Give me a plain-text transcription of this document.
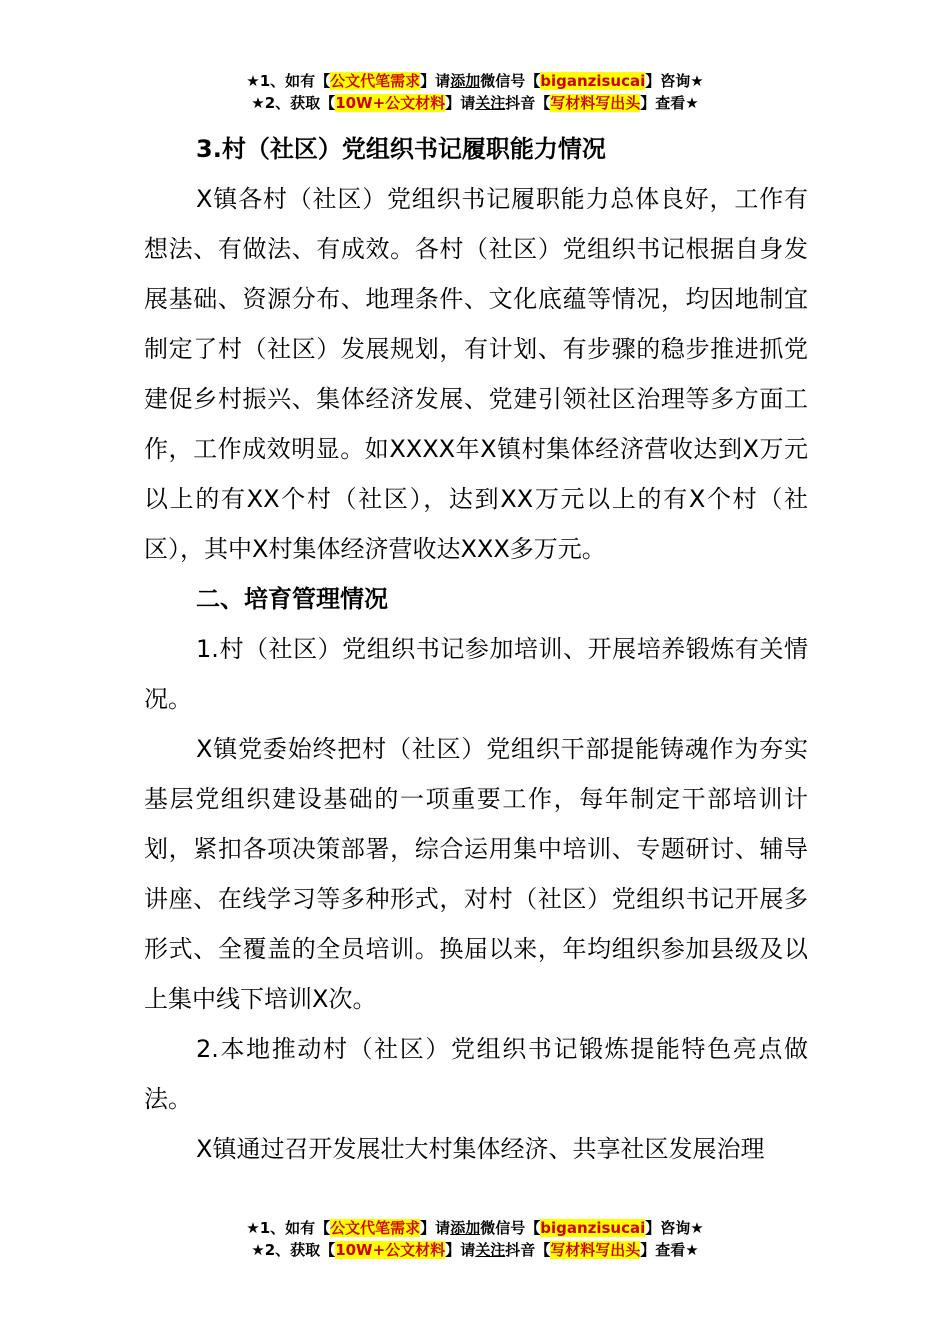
★1、如有【公文代笔需求】请添加微信号【biganzisucai】咨询★
★2、获取【10W+公文材料】请关注抖音【写材料写出头】查看★

3.村（社区）党组织书记履职能力情况

X镇各村（社区）党组织书记履职能力总体良好，工作有想法、有做法、有成效。各村（社区）党组织书记根据自身发展基础、资源分布、地理条件、文化底蕴等情况，均因地制宜制定了村（社区）发展规划，有计划、有步骤的稳步推进抓党建促乡村振兴、集体经济发展、党建引领社区治理等多方面工作，工作成效明显。如XXXX年X镇村集体经济营收达到X万元以上的有XX个村（社区），达到XX万元以上的有X个村（社区），其中X村集体经济营收达XXX多万元。

二、培育管理情况

1.村（社区）党组织书记参加培训、开展培养锻炼有关情况。

X镇党委始终把村（社区）党组织干部提能铸魂作为夯实基层党组织建设基础的一项重要工作，每年制定干部培训计划，紧扣各项决策部署，综合运用集中培训、专题研讨、辅导讲座、在线学习等多种形式，对村（社区）党组织书记开展多形式、全覆盖的全员培训。换届以来，年均组织参加县级及以上集中线下培训X次。

2.本地推动村（社区）党组织书记锻炼提能特色亮点做法。

X镇通过召开发展壮大村集体经济、共享社区发展治理

★1、如有【公文代笔需求】请添加微信号【biganzisucai】咨询★
★2、获取【10W+公文材料】请关注抖音【写材料写出头】查看★
